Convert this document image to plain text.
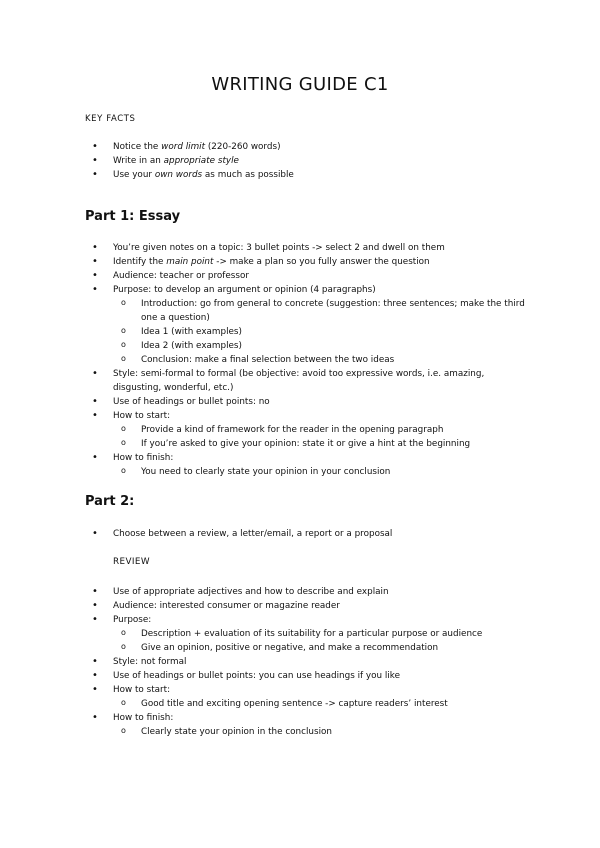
WRITING GUIDE C1
KEY FACTS
• Notice the word limit (220-260 words)
• Write in an appropriate style
• Use your own words as much as possible
Part 1: Essay
• You’re given notes on a topic: 3 bullet points -> select 2 and dwell on them
• Identify the main point -> make a plan so you fully answer the question
• Audience: teacher or professor
• Purpose: to develop an argument or opinion (4 paragraphs)
o Introduction: go from general to concrete (suggestion: three sentences; make the third one a question)
o Idea 1 (with examples)
o Idea 2 (with examples)
o Conclusion: make a final selection between the two ideas
• Style: semi-formal to formal (be objective: avoid too expressive words, i.e. amazing, disgusting, wonderful, etc.)
• Use of headings or bullet points: no
• How to start:
o Provide a kind of framework for the reader in the opening paragraph
o If you’re asked to give your opinion: state it or give a hint at the beginning
• How to finish:
o You need to clearly state your opinion in your conclusion
Part 2:
• Choose between a review, a letter/email, a report or a proposal
REVIEW
• Use of appropriate adjectives and how to describe and explain
• Audience: interested consumer or magazine reader
• Purpose:
o Description + evaluation of its suitability for a particular purpose or audience
o Give an opinion, positive or negative, and make a recommendation
• Style: not formal
• Use of headings or bullet points: you can use headings if you like
• How to start:
o Good title and exciting opening sentence -> capture readers’ interest
• How to finish:
o Clearly state your opinion in the conclusion
